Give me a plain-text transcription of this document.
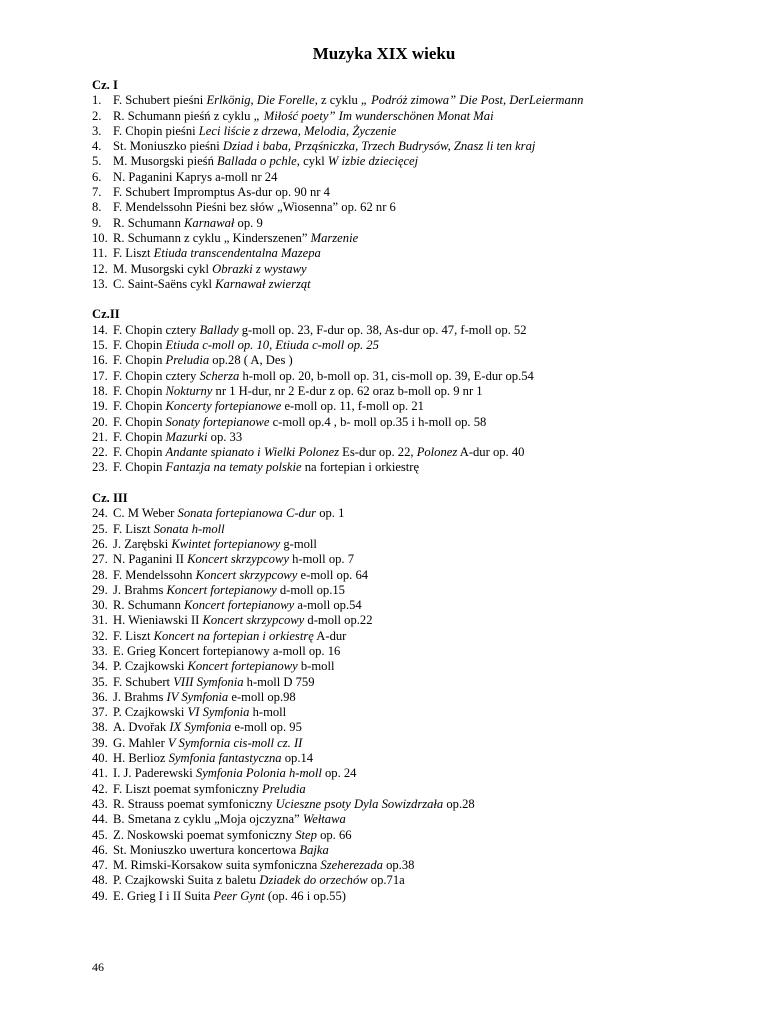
Muzyka XIX wieku
Cz. I
1. F. Schubert pieśni Erlkönig, Die Forelle, z cyklu „ Podróż zimowa” Die Post, DerLeiermann
2. R. Schumann pieśń z cyklu „ Miłość poety” Im wunderschönen Monat Mai
3. F. Chopin pieśni Leci liście z drzewa, Melodia, Życzenie
4. St. Moniuszko pieśni Dziad i baba, Prząśniczka, Trzech Budrysów, Znasz li ten kraj
5. M. Musorgski pieśń Ballada o pchle, cykl W izbie dziecięcej
6. N. Paganini Kaprys a-moll nr 24
7. F. Schubert Impromptus As-dur op. 90 nr 4
8. F. Mendelssohn Pieśni bez słów „Wiosenna” op. 62 nr 6
9. R. Schumann Karnawał op. 9
10. R. Schumann z cyklu „ Kinderszenen” Marzenie
11. F. Liszt Etiuda transcendentalna Mazepa
12. M. Musorgski cykl Obrazki z wystawy
13. C. Saint-Saëns cykl Karnawał zwierząt
Cz.II
14. F. Chopin cztery Ballady g-moll op. 23, F-dur op. 38, As-dur op. 47, f-moll op. 52
15. F. Chopin Etiuda c-moll op. 10, Etiuda c-moll op. 25
16. F. Chopin Preludia op.28 ( A, Des )
17. F. Chopin cztery Scherza h-moll op. 20, b-moll op. 31, cis-moll op. 39, E-dur op.54
18. F. Chopin Nokturny nr 1 H-dur, nr 2 E-dur z op. 62 oraz b-moll op. 9 nr 1
19. F. Chopin Koncerty fortepianowe e-moll op. 11, f-moll op. 21
20. F. Chopin Sonaty fortepianowe c-moll op.4 , b- moll op.35 i h-moll op. 58
21. F. Chopin Mazurki op. 33
22. F. Chopin Andante spianato i Wielki Polonez Es-dur op. 22, Polonez A-dur op. 40
23. F. Chopin Fantazja na tematy polskie na fortepian i orkiestrę
Cz. III
24. C. M Weber Sonata fortepianowa C-dur op. 1
25. F. Liszt Sonata h-moll
26. J. Zarębski Kwintet fortepianowy g-moll
27. N. Paganini II Koncert skrzypcowy h-moll op. 7
28. F. Mendelssohn Koncert skrzypcowy e-moll op. 64
29. J. Brahms Koncert fortepianowy d-moll op.15
30. R. Schumann Koncert fortepianowy a-moll op.54
31. H. Wieniawski II Koncert skrzypcowy d-moll op.22
32. F. Liszt Koncert na fortepian i orkiestrę A-dur
33. E. Grieg Koncert fortepianowy a-moll op. 16
34. P. Czajkowski Koncert fortepianowy b-moll
35. F. Schubert VIII Symfonia h-moll D 759
36. J. Brahms IV Symfonia e-moll op.98
37. P. Czajkowski VI Symfonia h-moll
38. A. Dvořak IX Symfonia e-moll op. 95
39. G. Mahler V Symfornia cis-moll cz. II
40. H. Berlioz Symfonia fantastyczna op.14
41. I. J. Paderewski Symfonia Polonia h-moll op. 24
42. F. Liszt poemat symfoniczny Preludia
43. R. Strauss poemat symfoniczny Ucieszne psoty Dyla Sowizdrzała op.28
44. B. Smetana z cyklu „Moja ojczyzna” Wełtawa
45. Z. Noskowski poemat symfoniczny Step op. 66
46. St. Moniuszko uwertura koncertowa Bajka
47. M. Rimski-Korsakow suita symfoniczna Szeherezada op.38
48. P. Czajkowski Suita z baletu Dziadek do orzechów op.71a
49. E. Grieg I i II Suita Peer Gynt (op. 46 i op.55)
46
